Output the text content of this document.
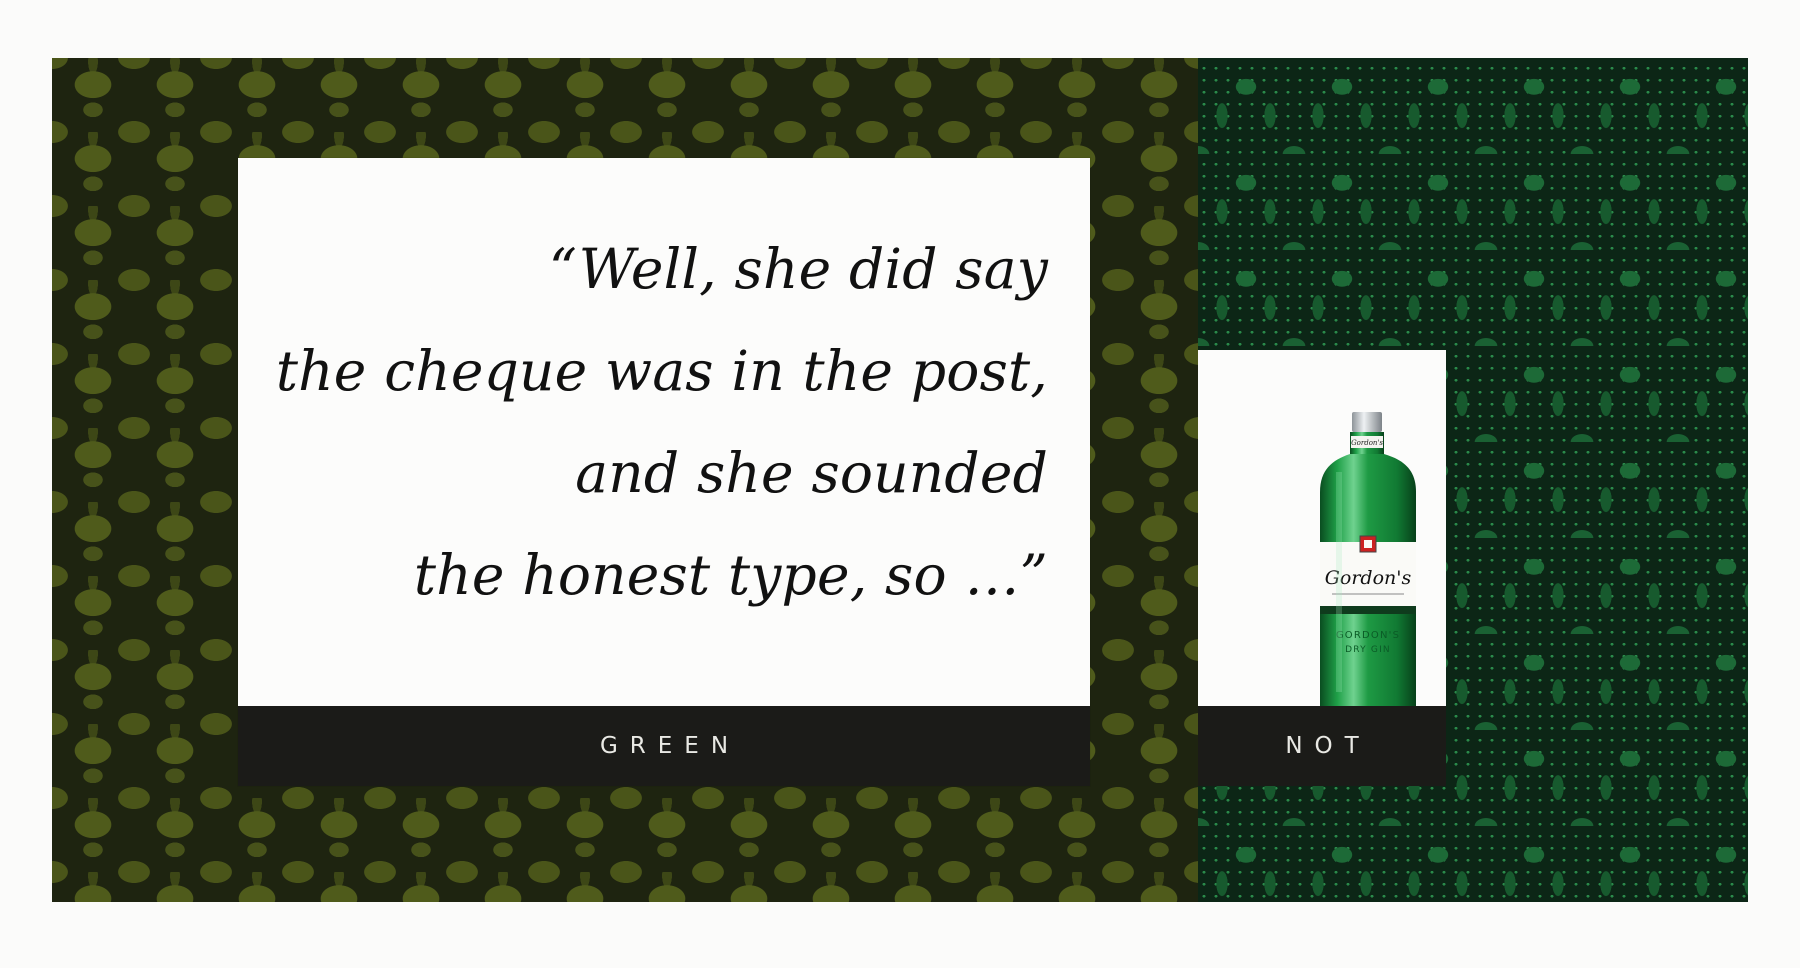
“Well, she did say
the cheque was in the post,
and she sounded
the honest type, so …”

GREEN
Gordon's
Gordon's
GORDON'S
DRY GIN
NOT
